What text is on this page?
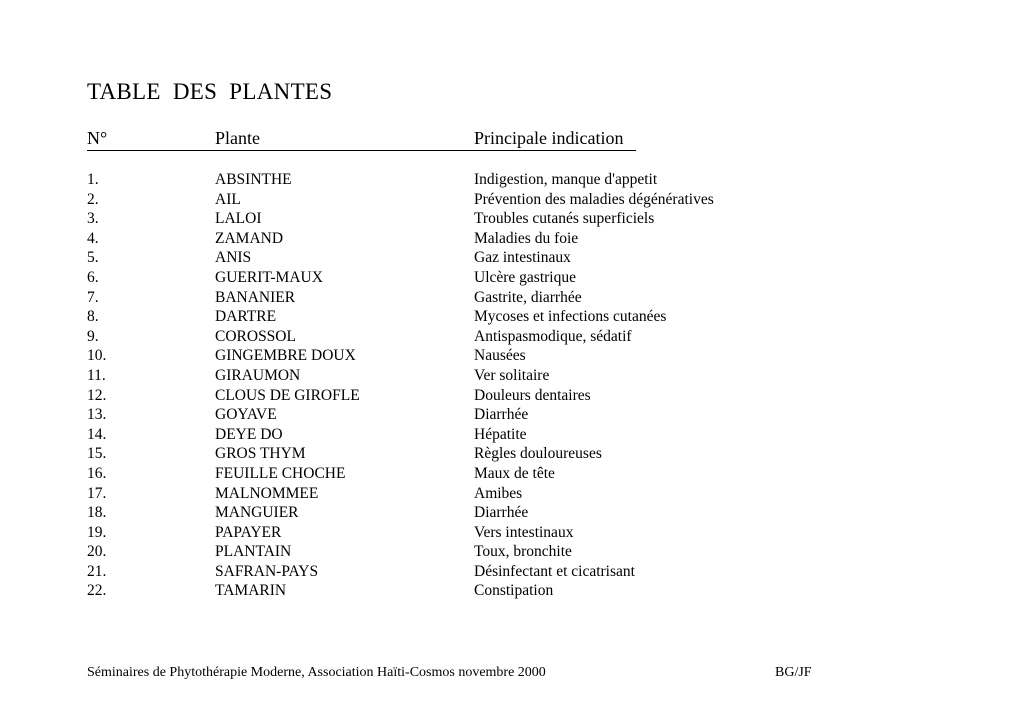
TABLE  DES  PLANTES
N°	Plante	Principale indication
1.	ABSINTHE	Indigestion, manque d'appetit
2.	AIL	Prévention des maladies dégénératives
3.	LALOI	Troubles cutanés superficiels
4.	ZAMAND	Maladies du foie
5.	ANIS	Gaz intestinaux
6.	GUERIT-MAUX	Ulcère gastrique
7.	BANANIER	Gastrite, diarrhée
8.	DARTRE	Mycoses et infections cutanées
9.	COROSSOL	Antispasmodique, sédatif
10.	GINGEMBRE DOUX	Nausées
11.	GIRAUMON	Ver solitaire
12.	CLOUS DE GIROFLE	Douleurs dentaires
13.	GOYAVE	Diarrhée
14.	DEYE DO	Hépatite
15.	GROS THYM	Règles douloureuses
16.	FEUILLE CHOCHE	Maux de tête
17.	MALNOMMEE	Amibes
18.	MANGUIER	Diarrhée
19.	PAPAYER	Vers intestinaux
20.	PLANTAIN	Toux, bronchite
21.	SAFRAN-PAYS	Désinfectant et cicatrisant
22.	TAMARIN	Constipation
Séminaires de Phytothérapie Moderne, Association Haïti-Cosmos novembre 2000	BG/JF
